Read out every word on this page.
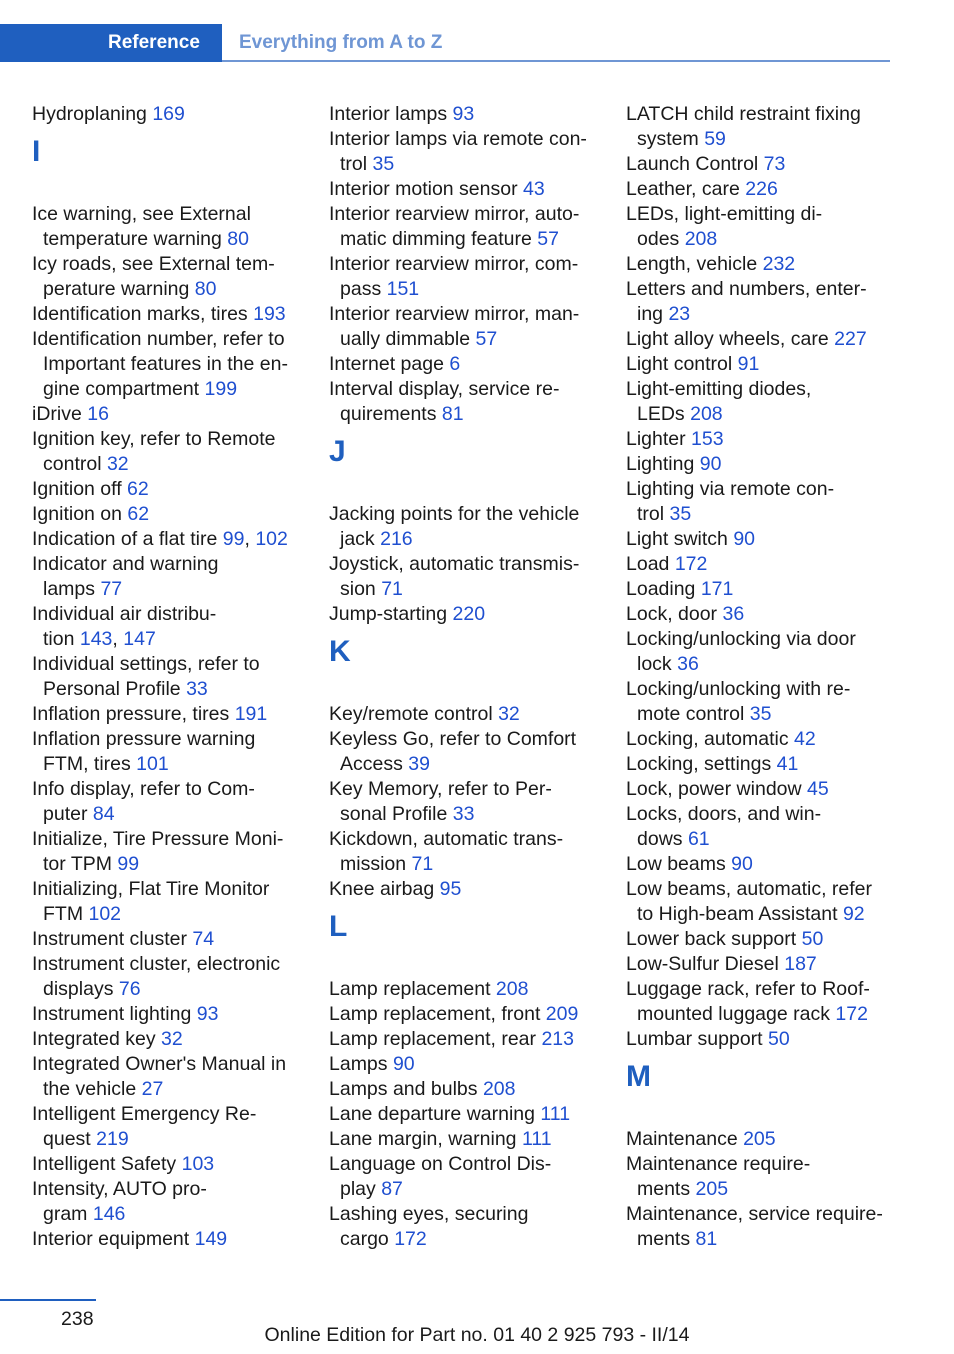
Reference Everything from A to Z
Hydroplaning 169
I
Ice warning, see External
temperature warning 80
Icy roads, see External tem-
perature warning 80
Identification marks, tires 193
Identification number, refer to
Important features in the en-
gine compartment 199
iDrive 16
Ignition key, refer to Remote
control 32
Ignition off 62
Ignition on 62
Indication of a flat tire 99, 102
Indicator and warning
lamps 77
Individual air distribu-
tion 143, 147
Individual settings, refer to
Personal Profile 33
Inflation pressure, tires 191
Inflation pressure warning
FTM, tires 101
Info display, refer to Com-
puter 84
Initialize, Tire Pressure Moni-
tor TPM 99
Initializing, Flat Tire Monitor
FTM 102
Instrument cluster 74
Instrument cluster, electronic
displays 76
Instrument lighting 93
Integrated key 32
Integrated Owner's Manual in
the vehicle 27
Intelligent Emergency Re-
quest 219
Intelligent Safety 103
Intensity, AUTO pro-
gram 146
Interior equipment 149
Interior lamps 93
Interior lamps via remote con-
trol 35
Interior motion sensor 43
Interior rearview mirror, auto-
matic dimming feature 57
Interior rearview mirror, com-
pass 151
Interior rearview mirror, man-
ually dimmable 57
Internet page 6
Interval display, service re-
quirements 81
J
Jacking points for the vehicle
jack 216
Joystick, automatic transmis-
sion 71
Jump-starting 220
K
Key/remote control 32
Keyless Go, refer to Comfort
Access 39
Key Memory, refer to Per-
sonal Profile 33
Kickdown, automatic trans-
mission 71
Knee airbag 95
L
Lamp replacement 208
Lamp replacement, front 209
Lamp replacement, rear 213
Lamps 90
Lamps and bulbs 208
Lane departure warning 111
Lane margin, warning 111
Language on Control Dis-
play 87
Lashing eyes, securing
cargo 172
LATCH child restraint fixing
system 59
Launch Control 73
Leather, care 226
LEDs, light-emitting di-
odes 208
Length, vehicle 232
Letters and numbers, enter-
ing 23
Light alloy wheels, care 227
Light control 91
Light-emitting diodes,
LEDs 208
Lighter 153
Lighting 90
Lighting via remote con-
trol 35
Light switch 90
Load 172
Loading 171
Lock, door 36
Locking/unlocking via door
lock 36
Locking/unlocking with re-
mote control 35
Locking, automatic 42
Locking, settings 41
Lock, power window 45
Locks, doors, and win-
dows 61
Low beams 90
Low beams, automatic, refer
to High-beam Assistant 92
Lower back support 50
Low-Sulfur Diesel 187
Luggage rack, refer to Roof-
mounted luggage rack 172
Lumbar support 50
M
Maintenance 205
Maintenance require-
ments 205
Maintenance, service require-
ments 81
238
Online Edition for Part no. 01 40 2 925 793 - II/14
